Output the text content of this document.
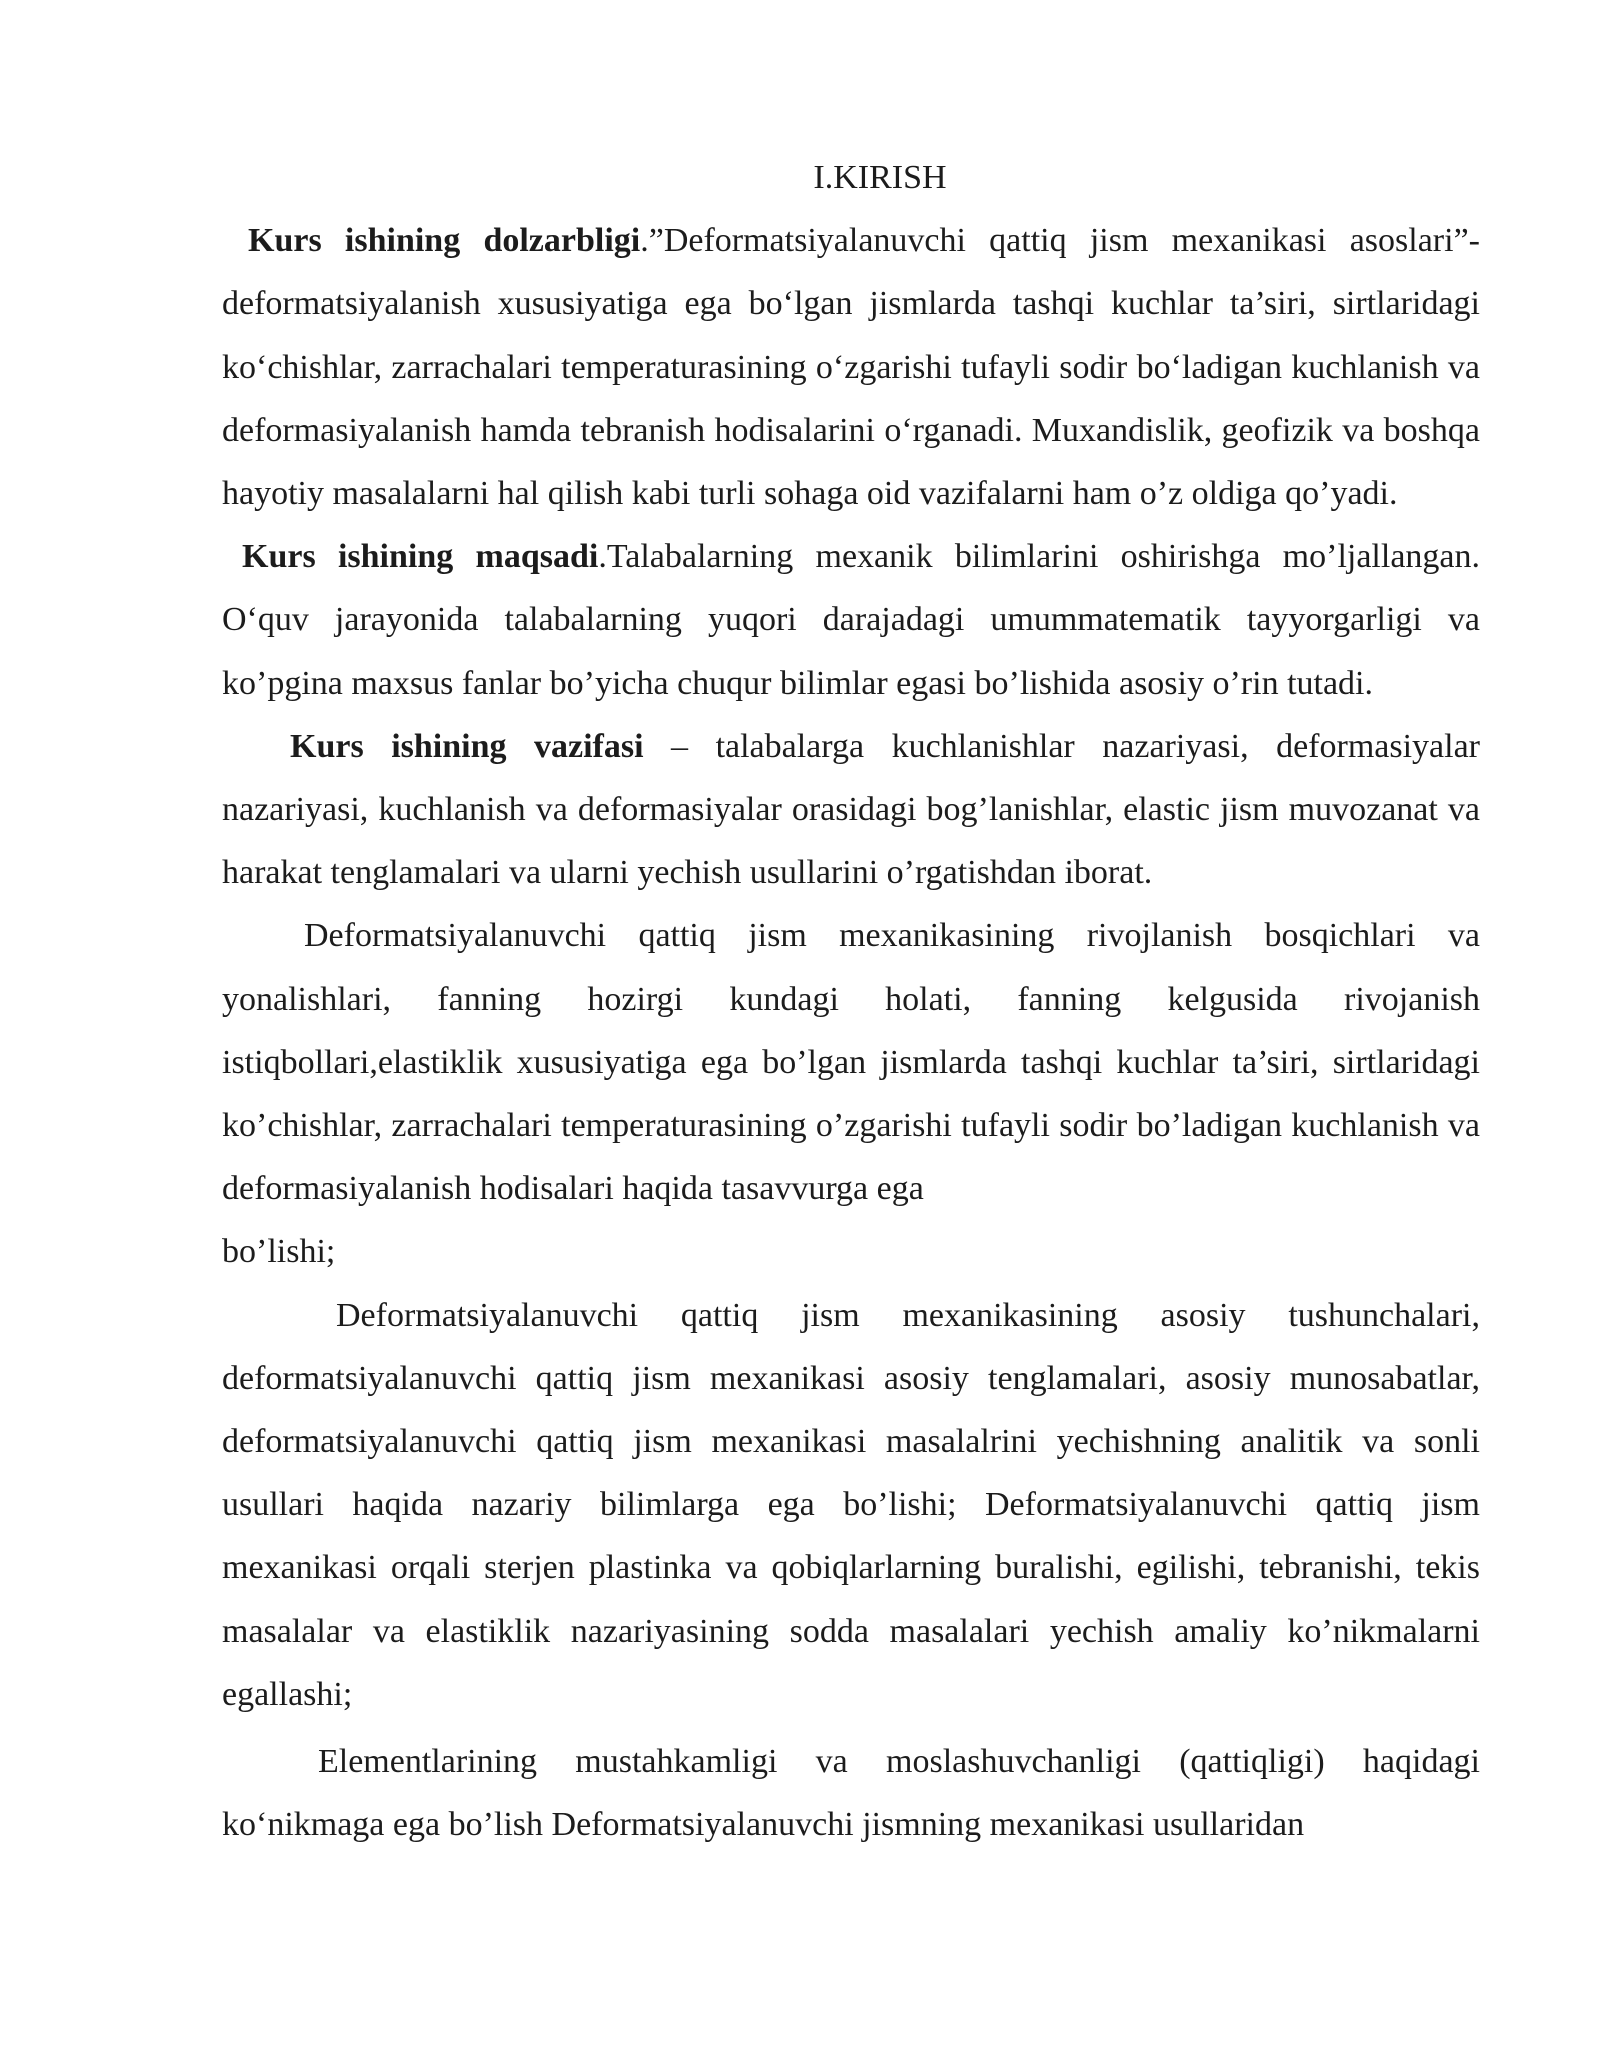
I.KIRISH

Kurs ishining dolzarbligi.”Deformatsiyalanuvchi qattiq jism mexanikasi asoslari”-deformatsiyalanish xususiyatiga ega boʻlgan jismlarda tashqi kuchlar ta’siri, sirtlaridagi koʻchishlar, zarrachalari temperaturasining oʻzgarishi tufayli sodir boʻladigan kuchlanish va deformasiyalanish hamda tebranish hodisalarini oʻrganadi. Muxandislik, geofizik va boshqa hayotiy masalalarni hal qilish kabi turli sohaga oid vazifalarni ham o’z oldiga qo’yadi.

Kurs ishining maqsadi.Talabalarning mexanik bilimlarini oshirishga mo’ljallangan. Oʻquv jarayonida talabalarning yuqori darajadagi umummatematik tayyorgarligi va ko’pgina maxsus fanlar bo’yicha chuqur bilimlar egasi bo’lishida asosiy o’rin tutadi.

Kurs ishining vazifasi – talabalarga kuchlanishlar nazariyasi, deformasiyalar nazariyasi, kuchlanish va deformasiyalar orasidagi bog’lanishlar, elastic jism muvozanat va harakat tenglamalari va ularni yechish usullarini o’rgatishdan iborat.

Deformatsiyalanuvchi qattiq jism mexanikasining rivojlanish bosqichlari va yonalishlari, fanning hozirgi kundagi holati, fanning kelgusida rivojanish istiqbollari,elastiklik xususiyatiga ega bo’lgan jismlarda tashqi kuchlar ta’siri, sirtlaridagi ko’chishlar, zarrachalari temperaturasining o’zgarishi tufayli sodir bo’ladigan kuchlanish va deformasiyalanish hodisalari haqida tasavvurga ega

bo’lishi;

Deformatsiyalanuvchi qattiq jism mexanikasining asosiy tushunchalari, deformatsiyalanuvchi qattiq jism mexanikasi asosiy tenglamalari, asosiy munosabatlar, deformatsiyalanuvchi qattiq jism mexanikasi masalalrini yechishning analitik va sonli usullari haqida nazariy bilimlarga ega bo’lishi; Deformatsiyalanuvchi qattiq jism mexanikasi orqali sterjen plastinka va qobiqlarlarning buralishi, egilishi, tebranishi, tekis masalalar va elastiklik nazariyasining sodda masalalari yechish amaliy ko’nikmalarni egallashi;

Elementlarining mustahkamligi va moslashuvchanligi (qattiqligi) haqidagi koʻnikmaga ega bo’lish Deformatsiyalanuvchi jismning mexanikasi usullaridan
